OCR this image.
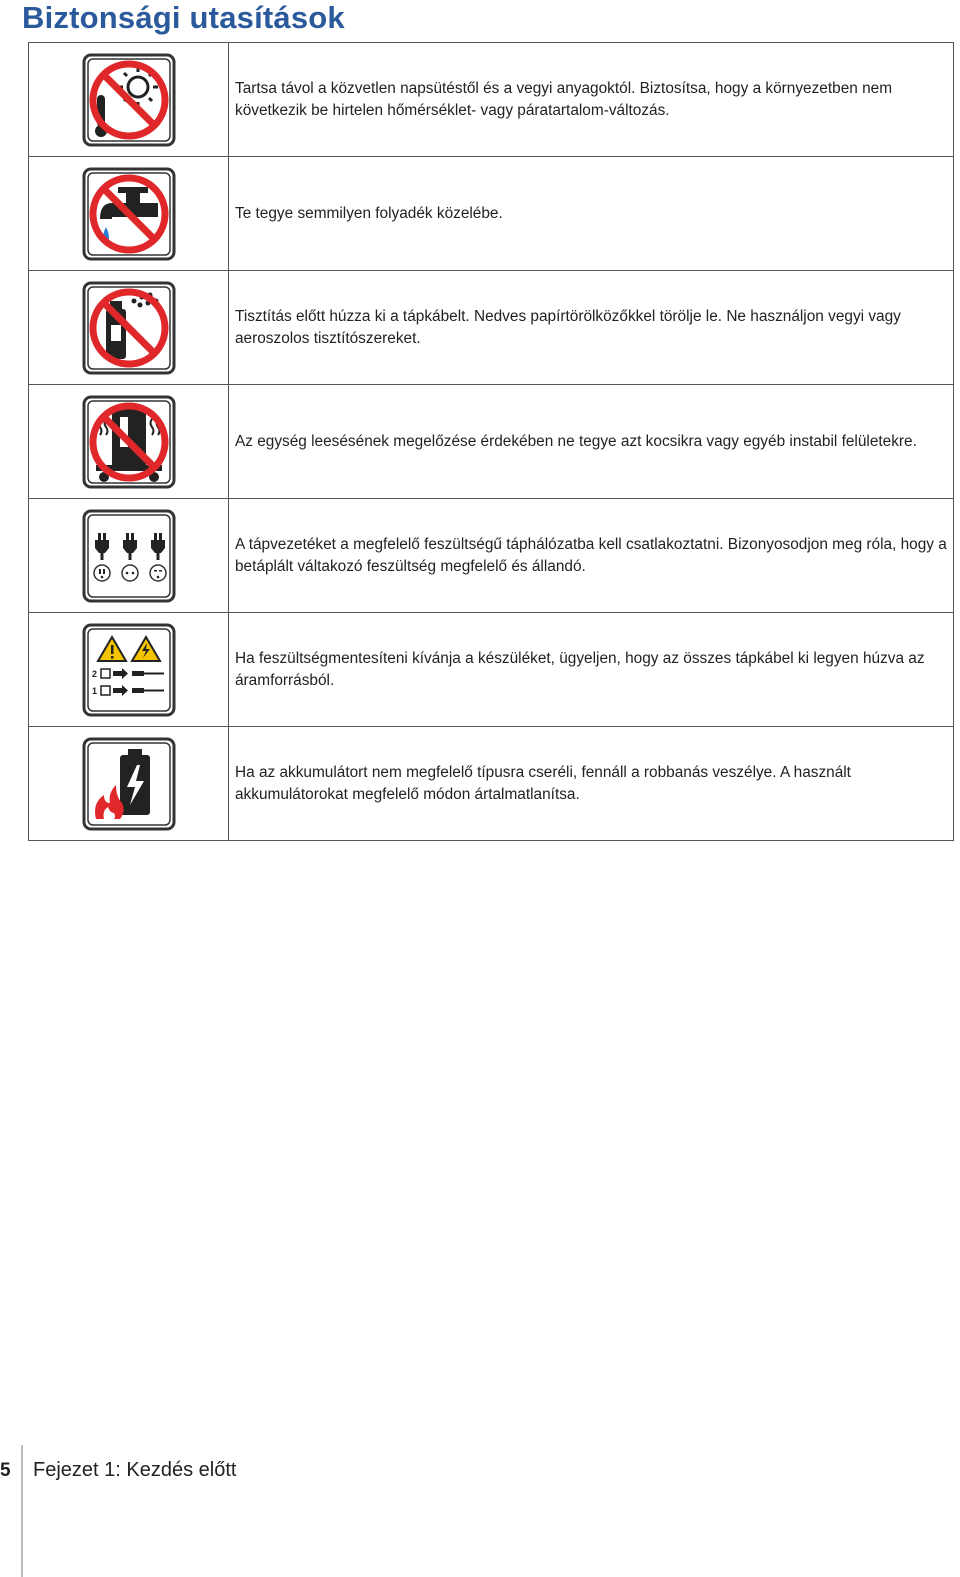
Biztonsági utasítások
Tartsa távol a közvetlen napsütéstől és a vegyi anyagoktól. Biztosítsa, hogy a környezetben nem következik be hirtelen hőmérséklet- vagy páratartalom-változás.
Te tegye semmilyen folyadék közelébe.
Tisztítás előtt húzza ki a tápkábelt. Nedves papírtörölközőkkel törölje le. Ne használjon vegyi vagy aeroszolos tisztítószereket.
Az egység leesésének megelőzése érdekében ne tegye azt kocsikra vagy egyéb instabil felületekre.
A tápvezetéket a megfelelő feszültségű táphálózatba kell csatlakoztatni. Bizonyosodjon meg róla, hogy a betáplált váltakozó feszültség megfelelő és állandó.
2
1
Ha feszültségmentesíteni kívánja a készüléket, ügyeljen, hogy az összes tápkábel ki legyen húzva az áramforrásból.
Ha az akkumulátort nem megfelelő típusra cseréli, fennáll a robbanás veszélye. A használt akkumulátorokat megfelelő módon ártalmatlanítsa.
5 Fejezet 1: Kezdés előtt
